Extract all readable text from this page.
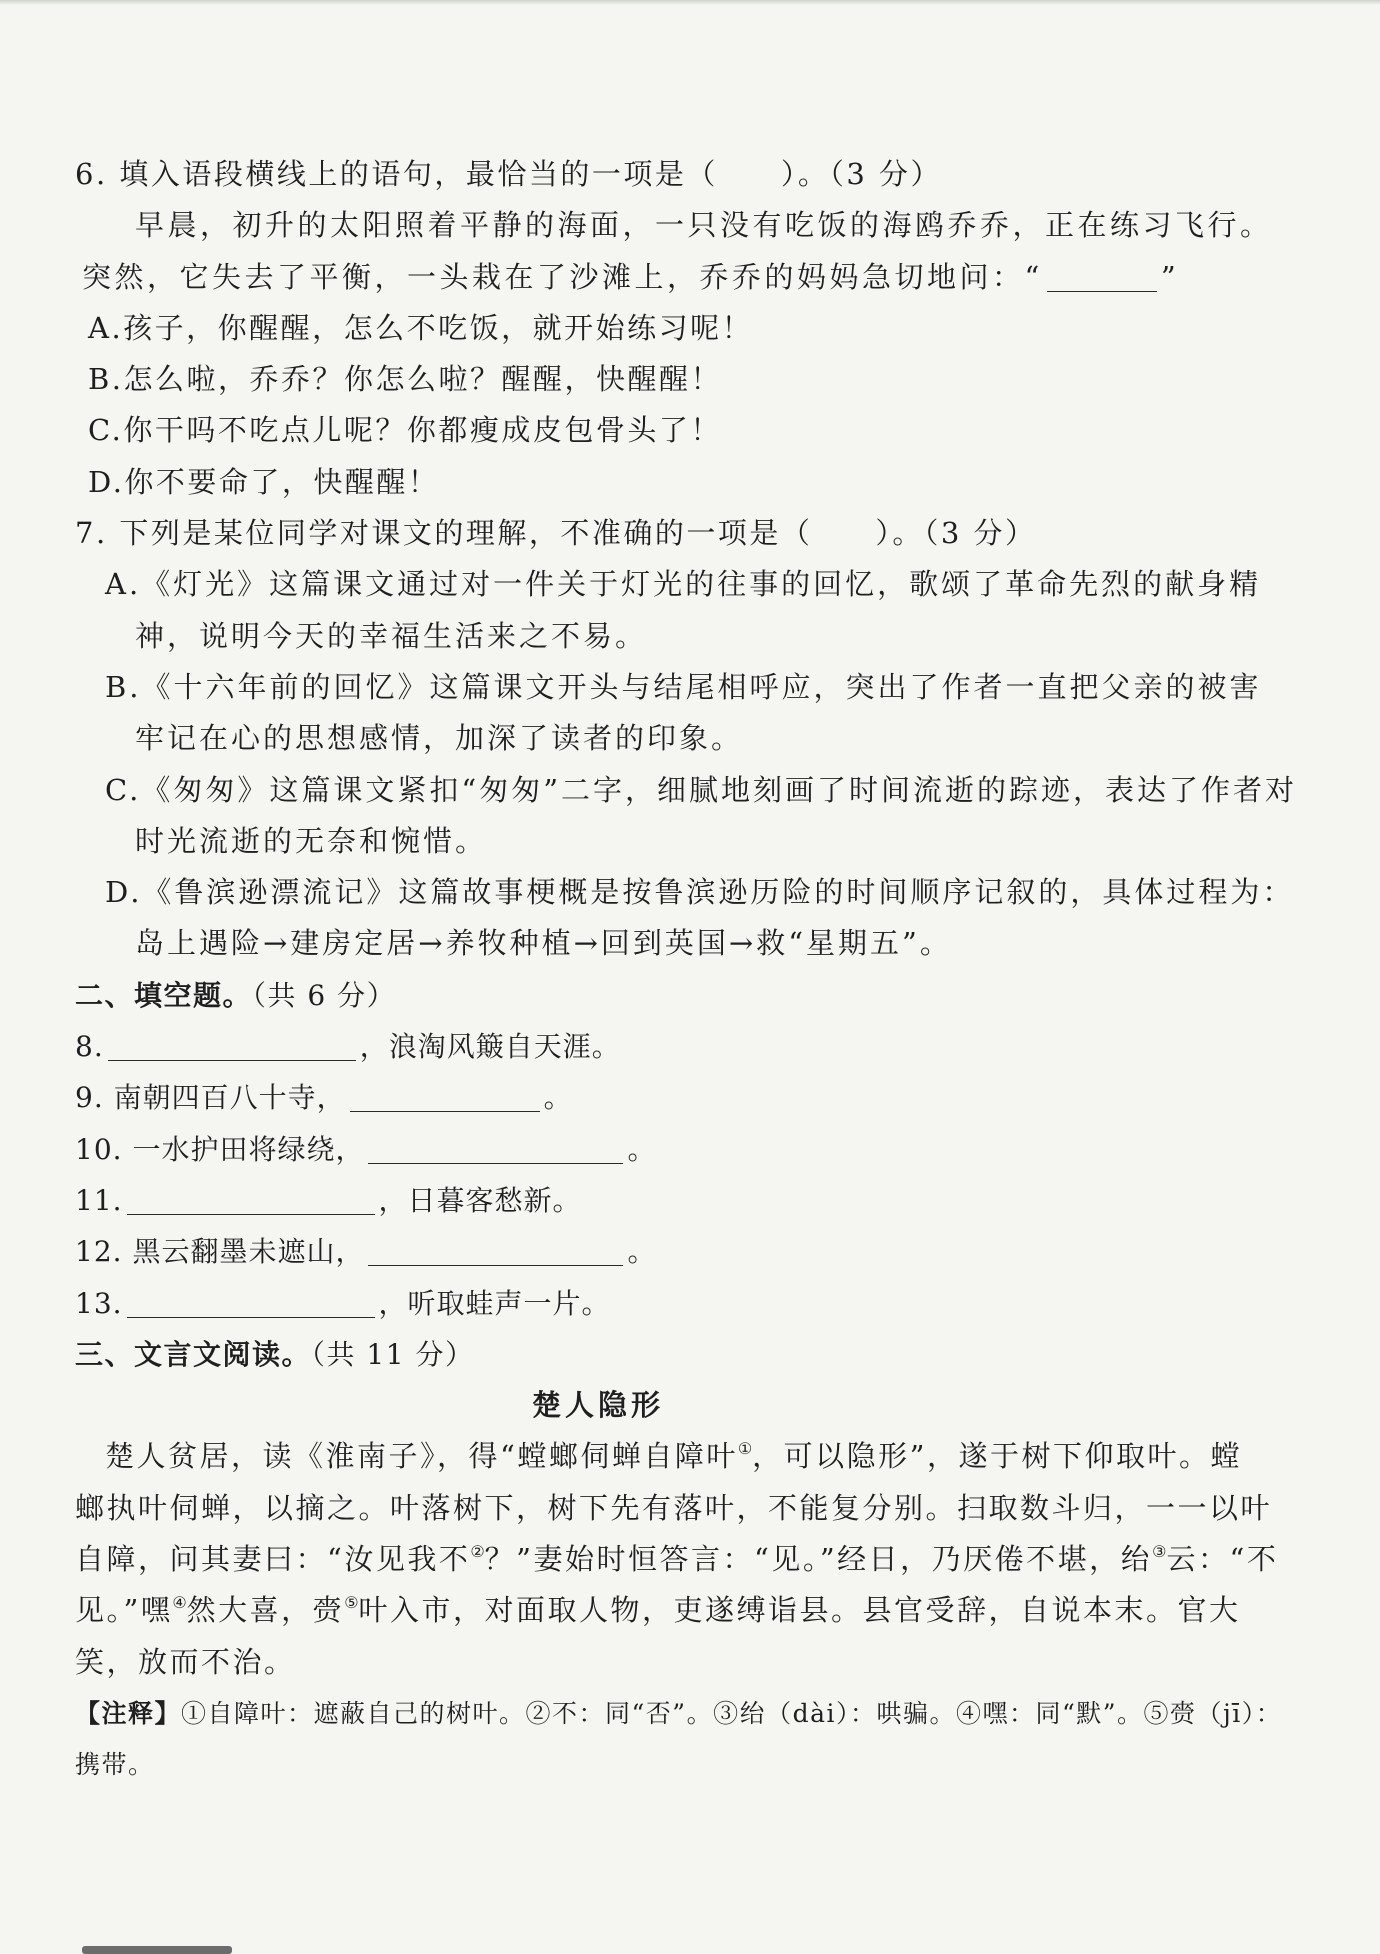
6. 填入语段横线上的语句，最恰当的一项是（　　）。（3 分）
早晨，初升的太阳照着平静的海面，一只没有吃饭的海鸥乔乔，正在练习飞行。
突然，它失去了平衡，一头栽在了沙滩上，乔乔的妈妈急切地问：“	”
A.孩子，你醒醒，怎么不吃饭，就开始练习呢！
B.怎么啦，乔乔？你怎么啦？醒醒，快醒醒！
C.你干吗不吃点儿呢？你都瘦成皮包骨头了！
D.你不要命了，快醒醒！
7. 下列是某位同学对课文的理解，不准确的一项是（　　）。（3 分）
A.《灯光》这篇课文通过对一件关于灯光的往事的回忆，歌颂了革命先烈的献身精
神，说明今天的幸福生活来之不易。
B.《十六年前的回忆》这篇课文开头与结尾相呼应，突出了作者一直把父亲的被害
牢记在心的思想感情，加深了读者的印象。
C.《匆匆》这篇课文紧扣“匆匆”二字，细腻地刻画了时间流逝的踪迹，表达了作者对
时光流逝的无奈和惋惜。
D.《鲁滨逊漂流记》这篇故事梗概是按鲁滨逊历险的时间顺序记叙的，具体过程为：
岛上遇险→建房定居→养牧种植→回到英国→救“星期五”。
二、填空题。（共 6 分）
8.	，浪淘风簸自天涯。
9. 南朝四百八十寺，	。
10. 一水护田将绿绕，	。
11.	，日暮客愁新。
12. 黑云翻墨未遮山，	。
13.	，听取蛙声一片。
三、文言文阅读。（共 11 分）
楚人隐形
楚人贫居，读《淮南子》，得“螳螂伺蝉自障叶①，可以隐形”，遂于树下仰取叶。螳
螂执叶伺蝉，以摘之。叶落树下，树下先有落叶，不能复分别。扫取数斗归，一一以叶
自障，问其妻曰：“汝见我不②？”妻始时恒答言：“见。”经日，乃厌倦不堪，绐③云：“不
见。”嘿④然大喜，赍⑤叶入市，对面取人物，吏遂缚诣县。县官受辞，自说本末。官大
笑，放而不治。
【注释】①自障叶：遮蔽自己的树叶。②不：同“否”。③绐（dài）：哄骗。④嘿：同“默”。⑤赍（jī）：
携带。
